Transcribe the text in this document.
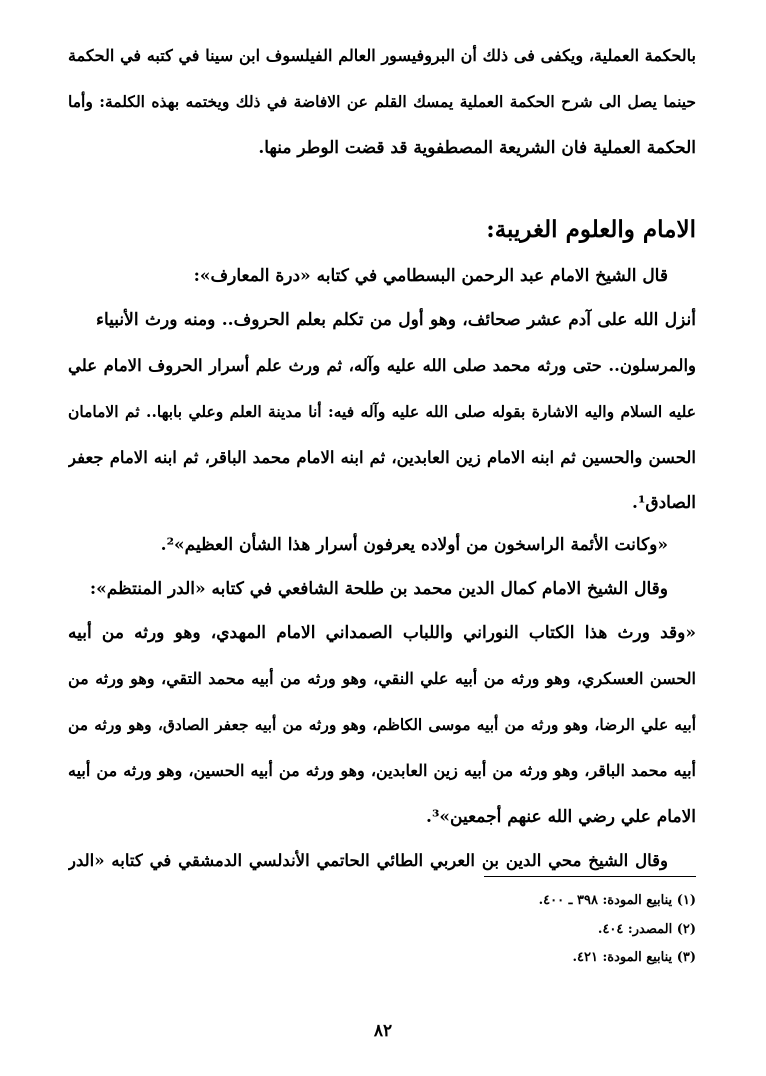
بالحكمة العملية، ويكفى فى ذلك أن البروفيسور العالم الفيلسوف ابن سينا في كتبه في الحكمة
حينما يصل الى شرح الحكمة العملية يمسك القلم عن الافاضة في ذلك ويختمه بهذه الكلمة: وأما
الحكمة العملية فان الشريعة المصطفوية قد قضت الوطر منها.
الامام والعلوم الغريبة:
قال الشيخ الامام عبد الرحمن البسطامي في كتابه «درة المعارف»:
أنزل الله على آدم عشر صحائف، وهو أول من تكلم بعلم الحروف.. ومنه ورث الأنبياء
والمرسلون.. حتى ورثه محمد صلى الله عليه وآله، ثم ورث علم أسرار الحروف الامام علي
عليه السلام واليه الاشارة بقوله صلى الله عليه وآله فيه: أنا مدينة العلم وعلي بابها.. ثم الامامان
الحسن والحسين ثم ابنه الامام زين العابدين، ثم ابنه الامام محمد الباقر، ثم ابنه الامام جعفر
الصادق¹.
«وكانت الأئمة الراسخون من أولاده يعرفون أسرار هذا الشأن العظيم»².
وقال الشيخ الامام كمال الدين محمد بن طلحة الشافعي في كتابه «الدر المنتظم»:
«وقد ورث هذا الكتاب النوراني واللباب الصمداني الامام المهدي، وهو ورثه من أبيه
الحسن العسكري، وهو ورثه من أبيه علي النقي، وهو ورثه من أبيه محمد التقي، وهو ورثه من
أبيه علي الرضا، وهو ورثه من أبيه موسى الكاظم، وهو ورثه من أبيه جعفر الصادق، وهو ورثه من
أبيه محمد الباقر، وهو ورثه من أبيه زين العابدين، وهو ورثه من أبيه الحسين، وهو ورثه من أبيه
الامام علي رضي الله عنهم أجمعين»³.
وقال الشيخ محي الدين بن العربي الطائي الحاتمي الأندلسي الدمشقي في كتابه «الدر
(١) ينابيع المودة: ٣٩٨ ـ ٤٠٠.
(٢) المصدر: ٤٠٤.
(٣) ينابيع المودة: ٤٢١.
٨٢
